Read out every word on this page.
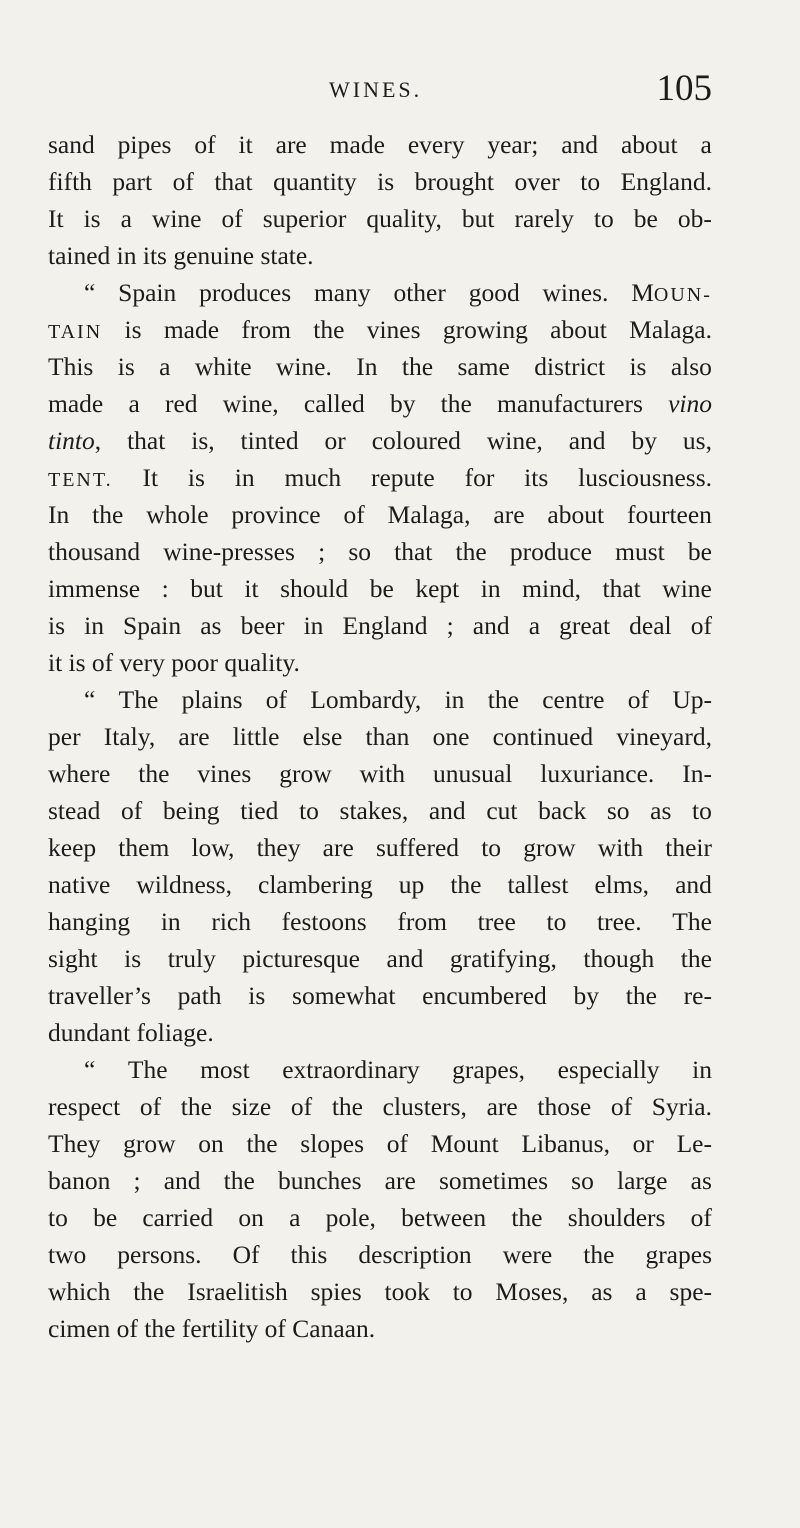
WINES.	105
sand pipes of it are made every year; and about a
fifth part of that quantity is brought over to England.
It is a wine of superior quality, but rarely to be ob-
tained in its genuine state.
“ Spain produces many other good wines. MOUN-
TAIN is made from the vines growing about Malaga.
This is a white wine. In the same district is also
made a red wine, called by the manufacturers vino
tinto, that is, tinted or coloured wine, and by us,
TENT. It is in much repute for its lusciousness.
In the whole province of Malaga, are about fourteen
thousand wine-presses ; so that the produce must be
immense : but it should be kept in mind, that wine
is in Spain as beer in England ; and a great deal of
it is of very poor quality.
“ The plains of Lombardy, in the centre of Up-
per Italy, are little else than one continued vineyard,
where the vines grow with unusual luxuriance. In-
stead of being tied to stakes, and cut back so as to
keep them low, they are suffered to grow with their
native wildness, clambering up the tallest elms, and
hanging in rich festoons from tree to tree. The
sight is truly picturesque and gratifying, though the
traveller’s path is somewhat encumbered by the re-
dundant foliage.
“ The most extraordinary grapes, especially in
respect of the size of the clusters, are those of Syria.
They grow on the slopes of Mount Libanus, or Le-
banon ; and the bunches are sometimes so large as
to be carried on a pole, between the shoulders of
two persons. Of this description were the grapes
which the Israelitish spies took to Moses, as a spe-
cimen of the fertility of Canaan.
